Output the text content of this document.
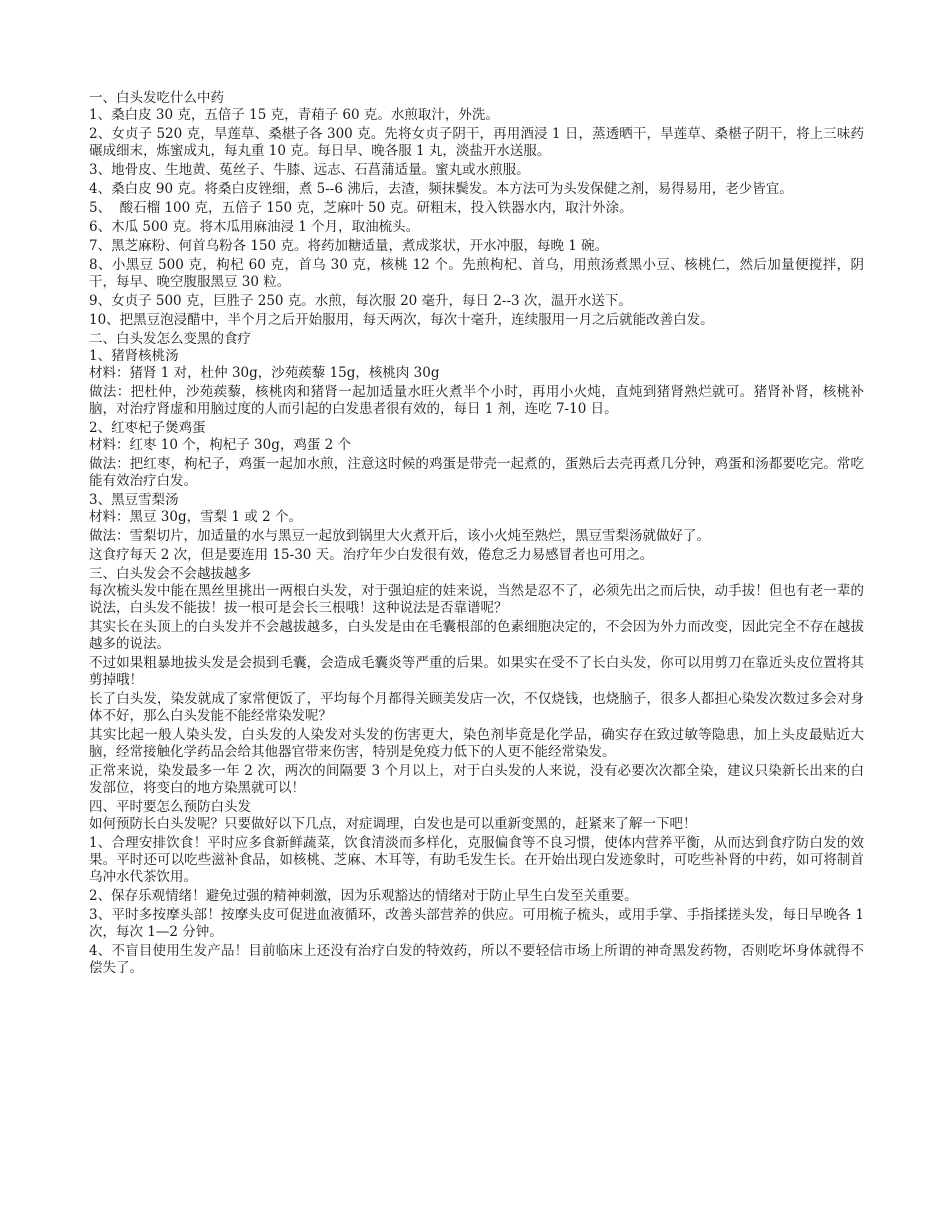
一、白头发吃什么中药

1、桑白皮 30 克，五倍子 15 克，青葙子 60 克。水煎取汁，外洗。

2、女贞子 520 克，旱莲草、桑椹子各 300 克。先将女贞子阴干，再用酒浸 1 日，蒸透晒干，旱莲草、桑椹子阴干，将上三味药碾成细末，炼蜜成丸，每丸重 10 克。每日早、晚各服 1 丸，淡盐开水送服。

3、地骨皮、生地黄、菟丝子、牛膝、远志、石菖蒲适量。蜜丸或水煎服。

4、桑白皮 90 克。将桑白皮锉细，煮 5--6 沸后，去渣，频抹鬓发。本方法可为头发保健之剂，易得易用，老少皆宜。

5、  酸石榴 100 克，五倍子 150 克，芝麻叶 50 克。研粗末，投入铁器水内，取汁外涂。

6、木瓜 500 克。将木瓜用麻油浸 1 个月，取油梳头。

7、黑芝麻粉、何首乌粉各 150 克。将药加糖适量，煮成浆状，开水冲服，每晚 1 碗。

8、小黑豆 500 克，枸杞 60 克，首乌 30 克，核桃 12 个。先煎枸杞、首乌，用煎汤煮黑小豆、核桃仁，然后加量便搅拌，阴干，每早、晚空腹服黑豆 30 粒。

9、女贞子 500 克，巨胜子 250 克。水煎，每次服 20 毫升，每日 2--3 次，温开水送下。

10、把黑豆泡浸醋中，半个月之后开始服用，每天两次，每次十毫升，连续服用一月之后就能改善白发。

二、白头发怎么变黑的食疗

1、猪肾核桃汤

材料：猪肾 1 对，杜仲 30g，沙苑蒺藜 15g，核桃肉 30g

做法：把杜仲，沙苑蒺藜，核桃肉和猪肾一起加适量水旺火煮半个小时，再用小火炖，直炖到猪肾熟烂就可。猪肾补肾，核桃补脑，对治疗肾虚和用脑过度的人而引起的白发患者很有效的，每日 1 剂，连吃 7-10 日。

2、红枣杞子煲鸡蛋

材料：红枣 10 个，枸杞子 30g，鸡蛋 2 个

做法：把红枣，枸杞子，鸡蛋一起加水煎，注意这时候的鸡蛋是带壳一起煮的，蛋熟后去壳再煮几分钟，鸡蛋和汤都要吃完。常吃能有效治疗白发。

3、黑豆雪梨汤

材料：黑豆 30g，雪梨 1 或 2 个。

做法：雪梨切片，加适量的水与黑豆一起放到锅里大火煮开后，该小火炖至熟烂，黑豆雪梨汤就做好了。

这食疗每天 2 次，但是要连用 15-30 天。治疗年少白发很有效，倦怠乏力易感冒者也可用之。

三、白头发会不会越拔越多

每次梳头发中能在黑丝里挑出一两根白头发，对于强迫症的娃来说，当然是忍不了，必须先出之而后快，动手拔！但也有老一辈的说法，白头发不能拔！拔一根可是会长三根哦！这种说法是否靠谱呢？

其实长在头顶上的白头发并不会越拔越多，白头发是由在毛囊根部的色素细胞决定的，不会因为外力而改变，因此完全不存在越拔越多的说法。

不过如果粗暴地拔头发是会损到毛囊，会造成毛囊炎等严重的后果。如果实在受不了长白头发，你可以用剪刀在靠近头皮位置将其剪掉哦！

长了白头发，染发就成了家常便饭了，平均每个月都得关顾美发店一次，不仅烧钱，也烧脑子，很多人都担心染发次数过多会对身体不好，那么白头发能不能经常染发呢？

其实比起一般人染头发，白头发的人染发对头发的伤害更大，染色剂毕竟是化学品，确实存在致过敏等隐患，加上头皮最贴近大脑，经常接触化学药品会给其他器官带来伤害，特别是免疫力低下的人更不能经常染发。

正常来说，染发最多一年 2 次，两次的间隔要 3 个月以上，对于白头发的人来说，没有必要次次都全染，建议只染新长出来的白发部位，将变白的地方染黑就可以！

四、平时要怎么预防白头发

如何预防长白头发呢？只要做好以下几点，对症调理，白发也是可以重新变黑的，赶紧来了解一下吧！

1、合理安排饮食！平时应多食新鲜蔬菜，饮食清淡而多样化，克服偏食等不良习惯，使体内营养平衡，从而达到食疗防白发的效果。平时还可以吃些滋补食品，如核桃、芝麻、木耳等，有助毛发生长。在开始出现白发迹象时，可吃些补肾的中药，如可将制首乌冲水代茶饮用。

2、保存乐观情绪！避免过强的精神刺激，因为乐观豁达的情绪对于防止早生白发至关重要。

3、平时多按摩头部！按摩头皮可促进血液循环，改善头部营养的供应。可用梳子梳头，或用手掌、手指揉搓头发，每日早晚各 1 次，每次 1—2 分钟。

4、不盲目使用生发产品！目前临床上还没有治疗白发的特效药，所以不要轻信市场上所谓的神奇黑发药物，否则吃坏身体就得不偿失了。
